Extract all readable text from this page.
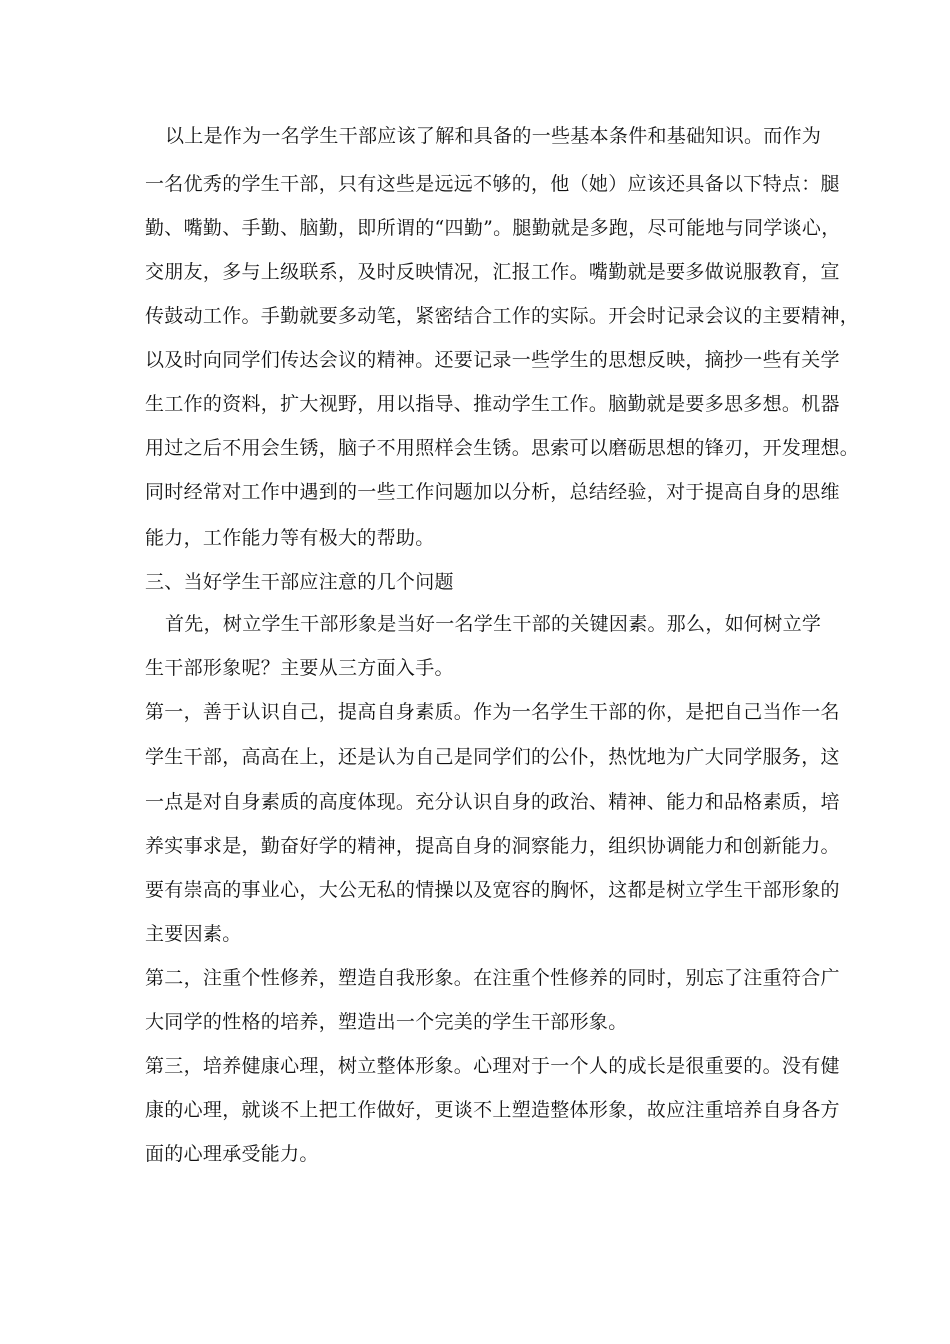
以上是作为一名学生干部应该了解和具备的一些基本条件和基础知识。而作为
一名优秀的学生干部，只有这些是远远不够的，他（她）应该还具备以下特点：腿
勤、嘴勤、手勤、脑勤，即所谓的“四勤”。腿勤就是多跑，尽可能地与同学谈心，
交朋友，多与上级联系，及时反映情况，汇报工作。嘴勤就是要多做说服教育，宣
传鼓动工作。手勤就要多动笔，紧密结合工作的实际。开会时记录会议的主要精神，
以及时向同学们传达会议的精神。还要记录一些学生的思想反映，摘抄一些有关学
生工作的资料，扩大视野，用以指导、推动学生工作。脑勤就是要多思多想。机器
用过之后不用会生锈，脑子不用照样会生锈。思索可以磨砺思想的锋刃，开发理想。
同时经常对工作中遇到的一些工作问题加以分析，总结经验，对于提高自身的思维
能力，工作能力等有极大的帮助。
三、当好学生干部应注意的几个问题
首先，树立学生干部形象是当好一名学生干部的关键因素。那么，如何树立学
生干部形象呢？主要从三方面入手。
第一，善于认识自己，提高自身素质。作为一名学生干部的你，是把自己当作一名
学生干部，高高在上，还是认为自己是同学们的公仆，热忱地为广大同学服务，这
一点是对自身素质的高度体现。充分认识自身的政治、精神、能力和品格素质，培
养实事求是，勤奋好学的精神，提高自身的洞察能力，组织协调能力和创新能力。
要有崇高的事业心，大公无私的情操以及宽容的胸怀，这都是树立学生干部形象的
主要因素。
第二，注重个性修养，塑造自我形象。在注重个性修养的同时，别忘了注重符合广
大同学的性格的培养，塑造出一个完美的学生干部形象。
第三，培养健康心理，树立整体形象。心理对于一个人的成长是很重要的。没有健
康的心理，就谈不上把工作做好，更谈不上塑造整体形象，故应注重培养自身各方
面的心理承受能力。
